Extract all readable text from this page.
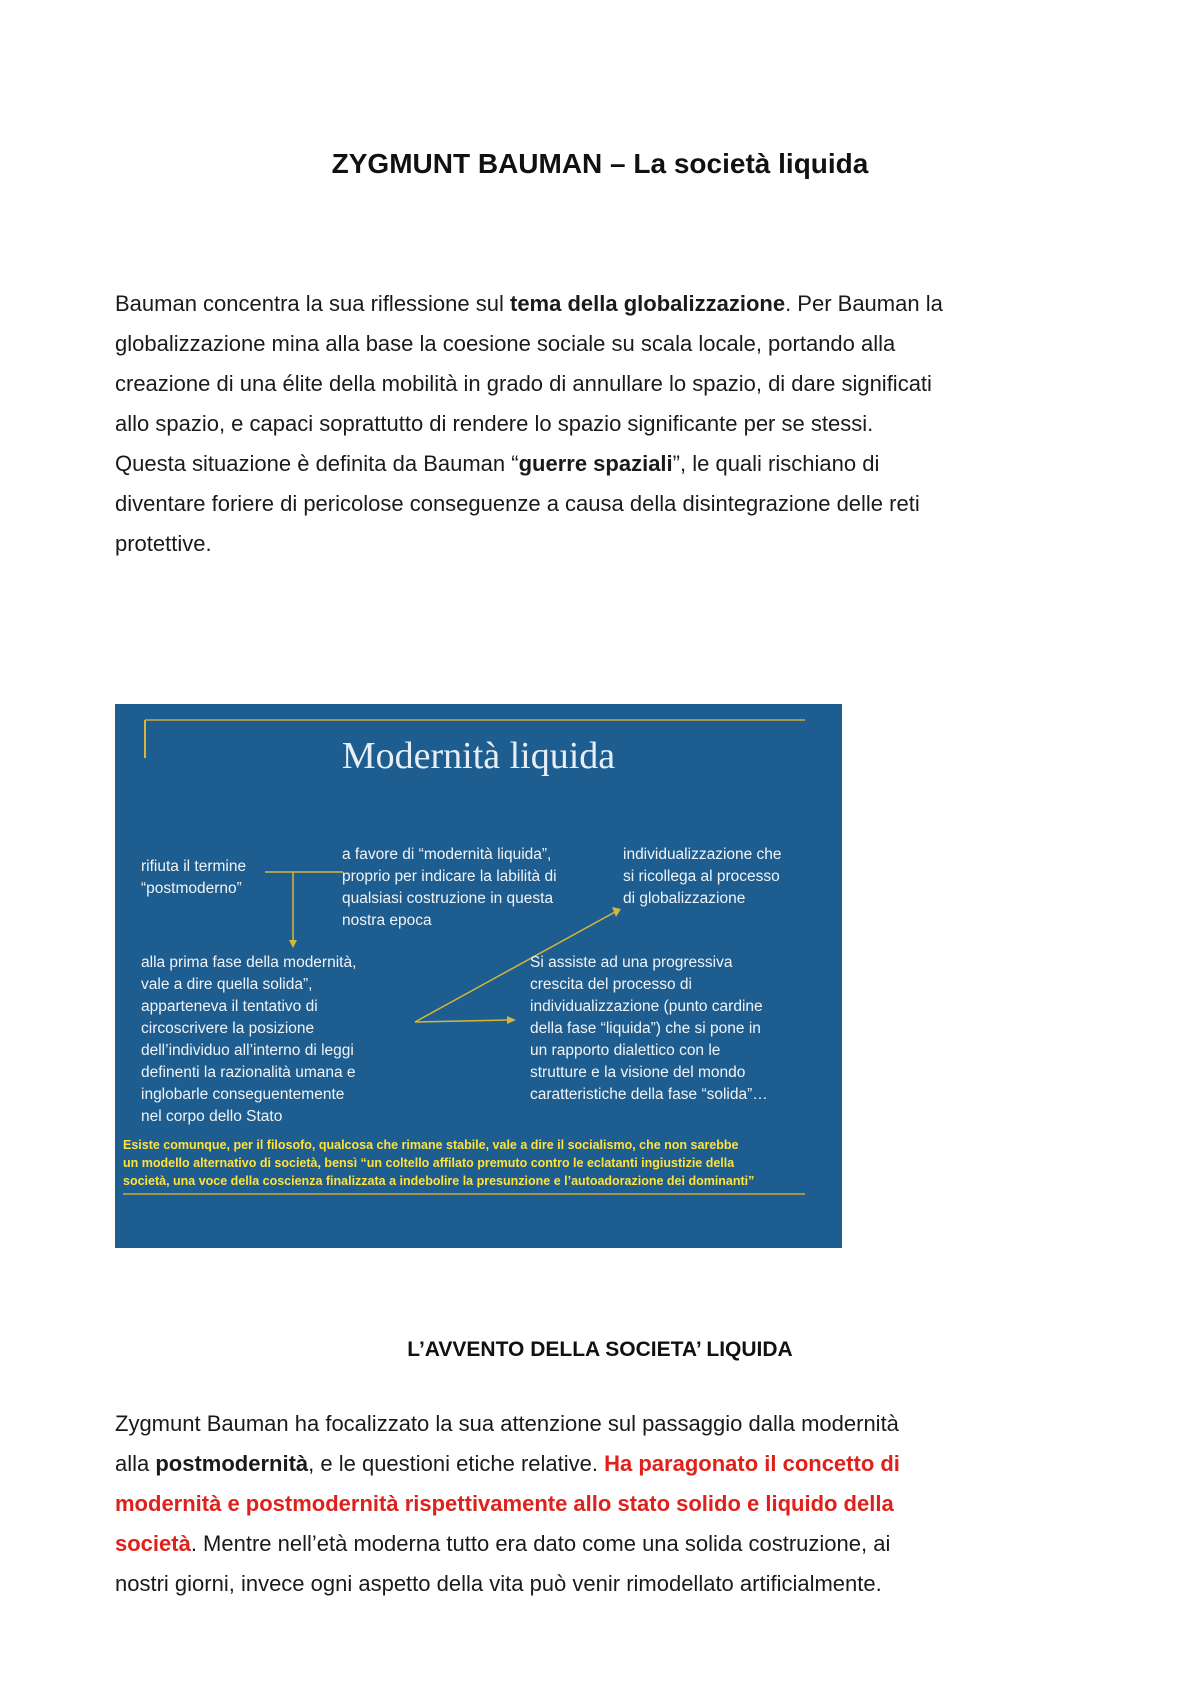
ZYGMUNT BAUMAN – La società liquida
Bauman concentra la sua riflessione sul tema della globalizzazione. Per Bauman la
globalizzazione mina alla base la coesione sociale su scala locale, portando alla
creazione di una élite della mobilità in grado di annullare lo spazio, di dare significati
allo spazio, e capaci soprattutto di rendere lo spazio significante per se stessi.
Questa situazione è definita da Bauman “guerre spaziali”, le quali rischiano di
diventare foriere di pericolose conseguenze a causa della disintegrazione delle reti
protettive.
Modernità liquida
rifiuta il termine
“postmoderno”
a favore di “modernità liquida”,
proprio per indicare la labilità di
qualsiasi costruzione in questa
nostra epoca
individualizzazione che
si ricollega al processo
di globalizzazione
alla prima fase della modernità,
vale a dire quella solida”,
apparteneva il tentativo di
circoscrivere la posizione
dell’individuo all’interno di leggi
definenti la razionalità umana e
inglobarle conseguentemente
nel corpo dello Stato
Si assiste ad una progressiva
crescita del processo di
individualizzazione (punto cardine
della fase “liquida”) che si pone in
un rapporto dialettico con le
strutture e la visione del mondo
caratteristiche della fase “solida”…
Esiste comunque, per il filosofo, qualcosa che rimane stabile, vale a dire il socialismo, che non sarebbe
un modello alternativo di società, bensì “un coltello affilato premuto contro le eclatanti ingiustizie della
società, una voce della coscienza finalizzata a indebolire la presunzione e l’autoadorazione dei dominanti”
L’AVVENTO DELLA SOCIETA’ LIQUIDA
Zygmunt Bauman ha focalizzato la sua attenzione sul passaggio dalla modernità
alla postmodernità, e le questioni etiche relative. Ha paragonato il concetto di
modernità e postmodernità rispettivamente allo stato solido e liquido della
società. Mentre nell’età moderna tutto era dato come una solida costruzione, ai
nostri giorni, invece ogni aspetto della vita può venir rimodellato artificialmente.
